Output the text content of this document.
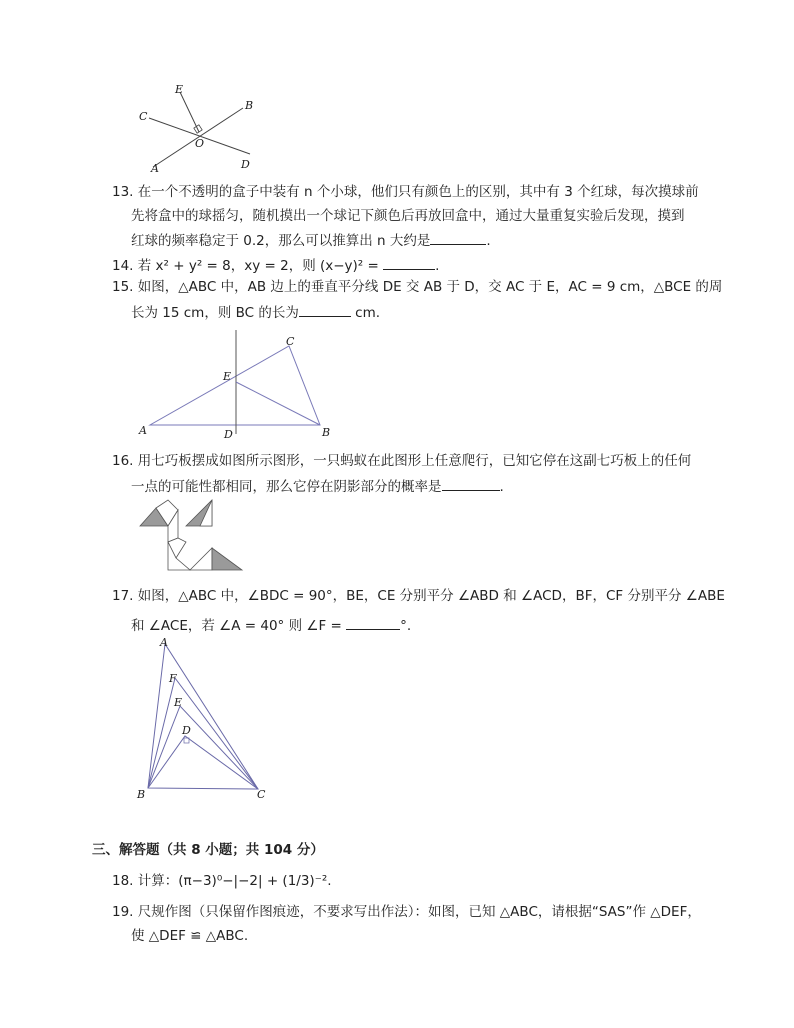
E
B
C
O
A	D
13. 在一个不透明的盒子中装有 n 个小球，他们只有颜色上的区别，其中有 3 个红球，每次摸球前
先将盒中的球摇匀，随机摸出一个球记下颜色后再放回盒中，通过大量重复实验后发现，摸到
红球的频率稳定于 0.2，那么可以推算出 n 大约是	.
14. 若 x² + y² = 8，xy = 2，则 (x−y)² =	.
15. 如图，△ABC 中，AB 边上的垂直平分线 DE 交 AB 于 D，交 AC 于 E，AC = 9 cm，△BCE 的周
长为 15 cm，则 BC 的长为	cm.
C
E
A	D	B
16. 用七巧板摆成如图所示图形，一只蚂蚁在此图形上任意爬行，已知它停在这副七巧板上的任何
一点的可能性都相同，那么它停在阴影部分的概率是	.
17. 如图，△ABC 中，∠BDC = 90°，BE，CE 分别平分 ∠ABD 和 ∠ACD，BF，CF 分别平分 ∠ABE
和 ∠ACE，若 ∠A = 40° 则 ∠F =	°.
A
F
E
D
B	C
三、解答题（共 8 小题；共 104 分）
18. 计算：(π−3)⁰−|−2| + (1/3)⁻².
19. 尺规作图（只保留作图痕迹，不要求写出作法）：如图，已知 △ABC，请根据“SAS”作 △DEF，
使 △DEF ≌ △ABC.
